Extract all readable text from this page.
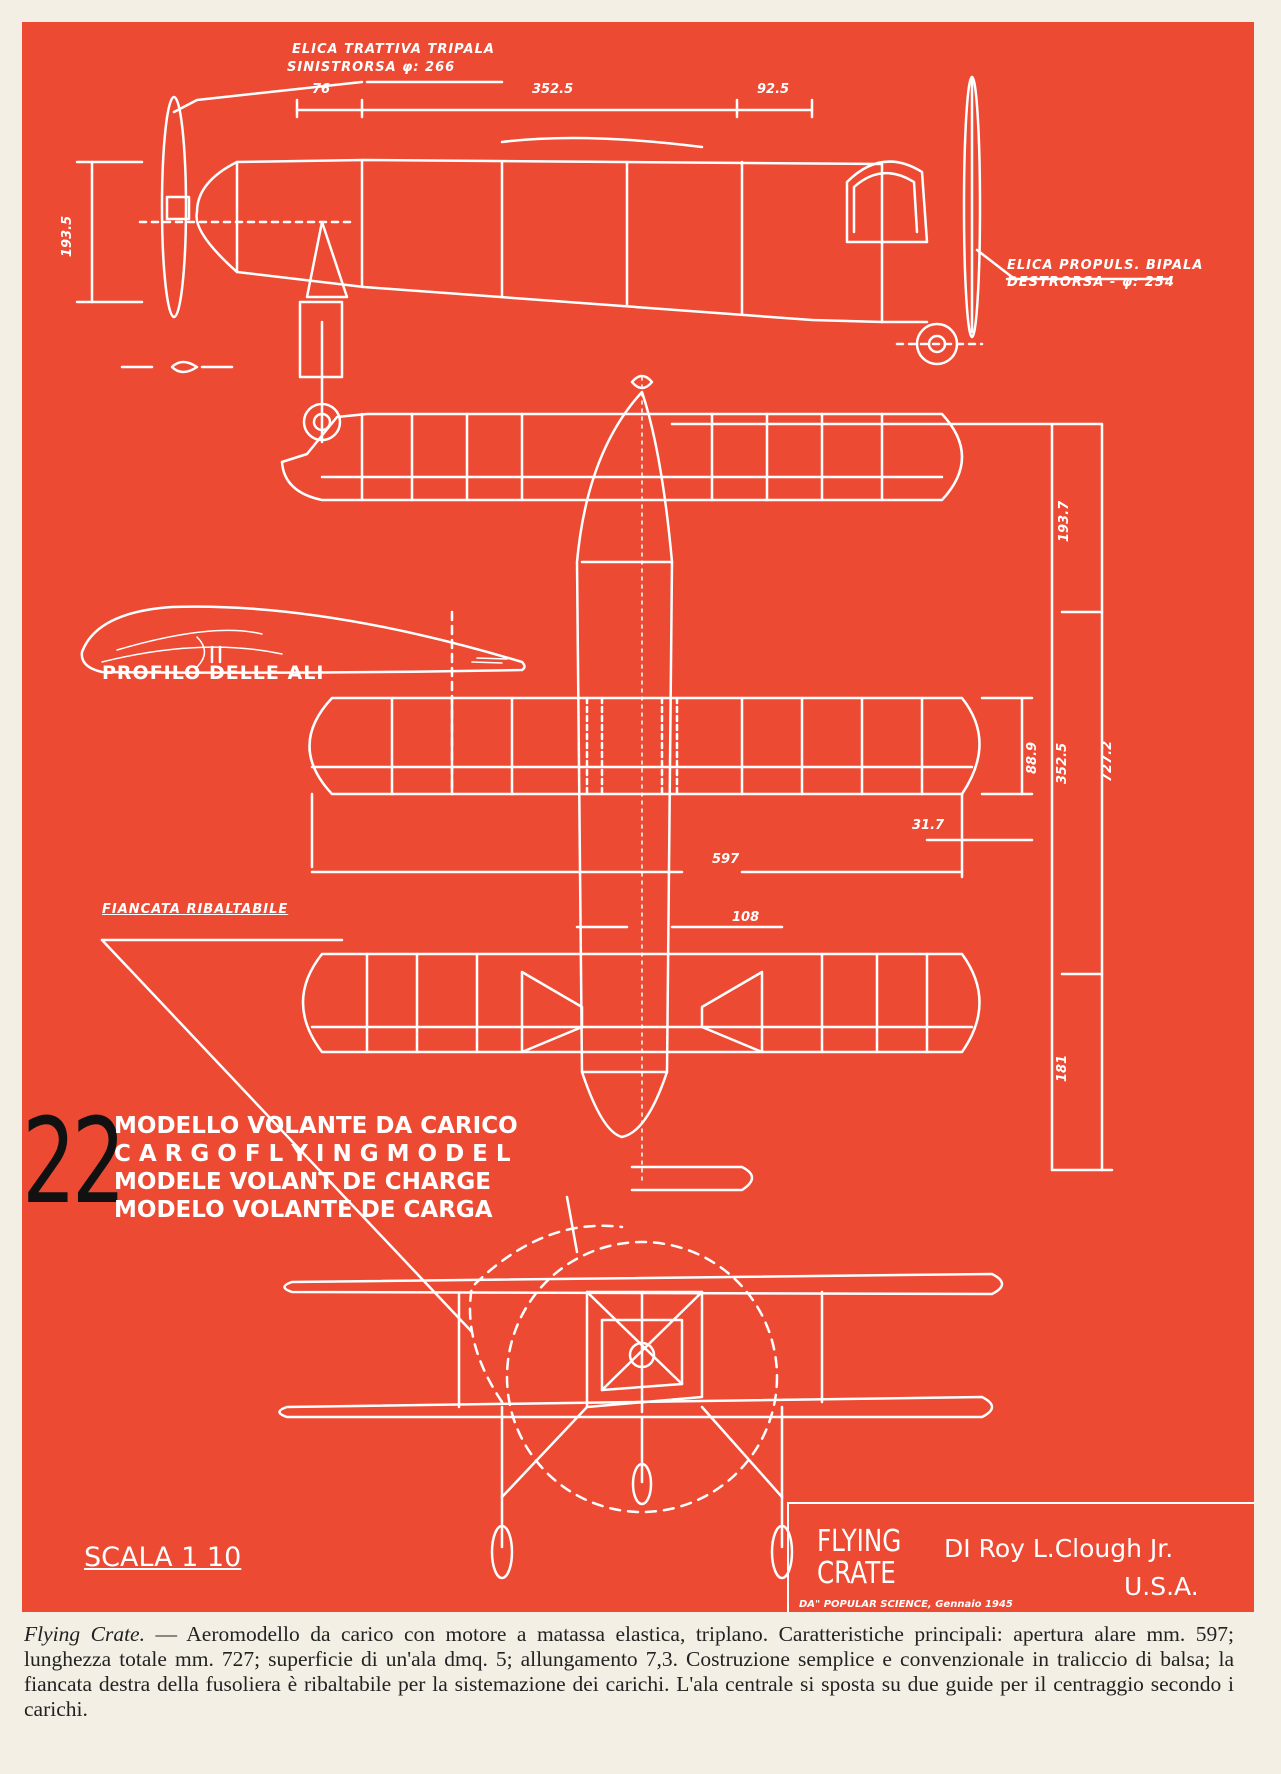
ELICA TRATTIVA TRIPALA
SINISTRORSA φ: 266
76	352.5	92.5
193.5
ELICA PROPULS. BIPALA
DESTRORSA - φ: 254
193.7
88.9 352.5 727.2
31.7
597
108
181
PROFILO DELLE ALI
FIANCATA RIBALTABILE
22
MODELLO VOLANTE DA CARICO
C A R G O F L Y I N G M O D E L
MODELE VOLANT DE CHARGE
MODELO VOLANTE DE CARGA
SCALA 1 10	FLYING
CRATE
DI Roy L.Clough Jr.
U.S.A.
DA" POPULAR SCIENCE, Gennaio 1945
Flying Crate. — Aeromodello da carico con motore a matassa elastica, triplano. Caratteristiche principali: apertura alare mm. 597; lunghezza totale mm. 727; superficie di un'ala dmq. 5; allungamento 7,3. Costruzione semplice e convenzionale in traliccio di balsa; la fiancata destra della fusoliera è ribaltabile per la sistemazione dei carichi. L'ala centrale si sposta su due guide per il centraggio secondo i carichi.
